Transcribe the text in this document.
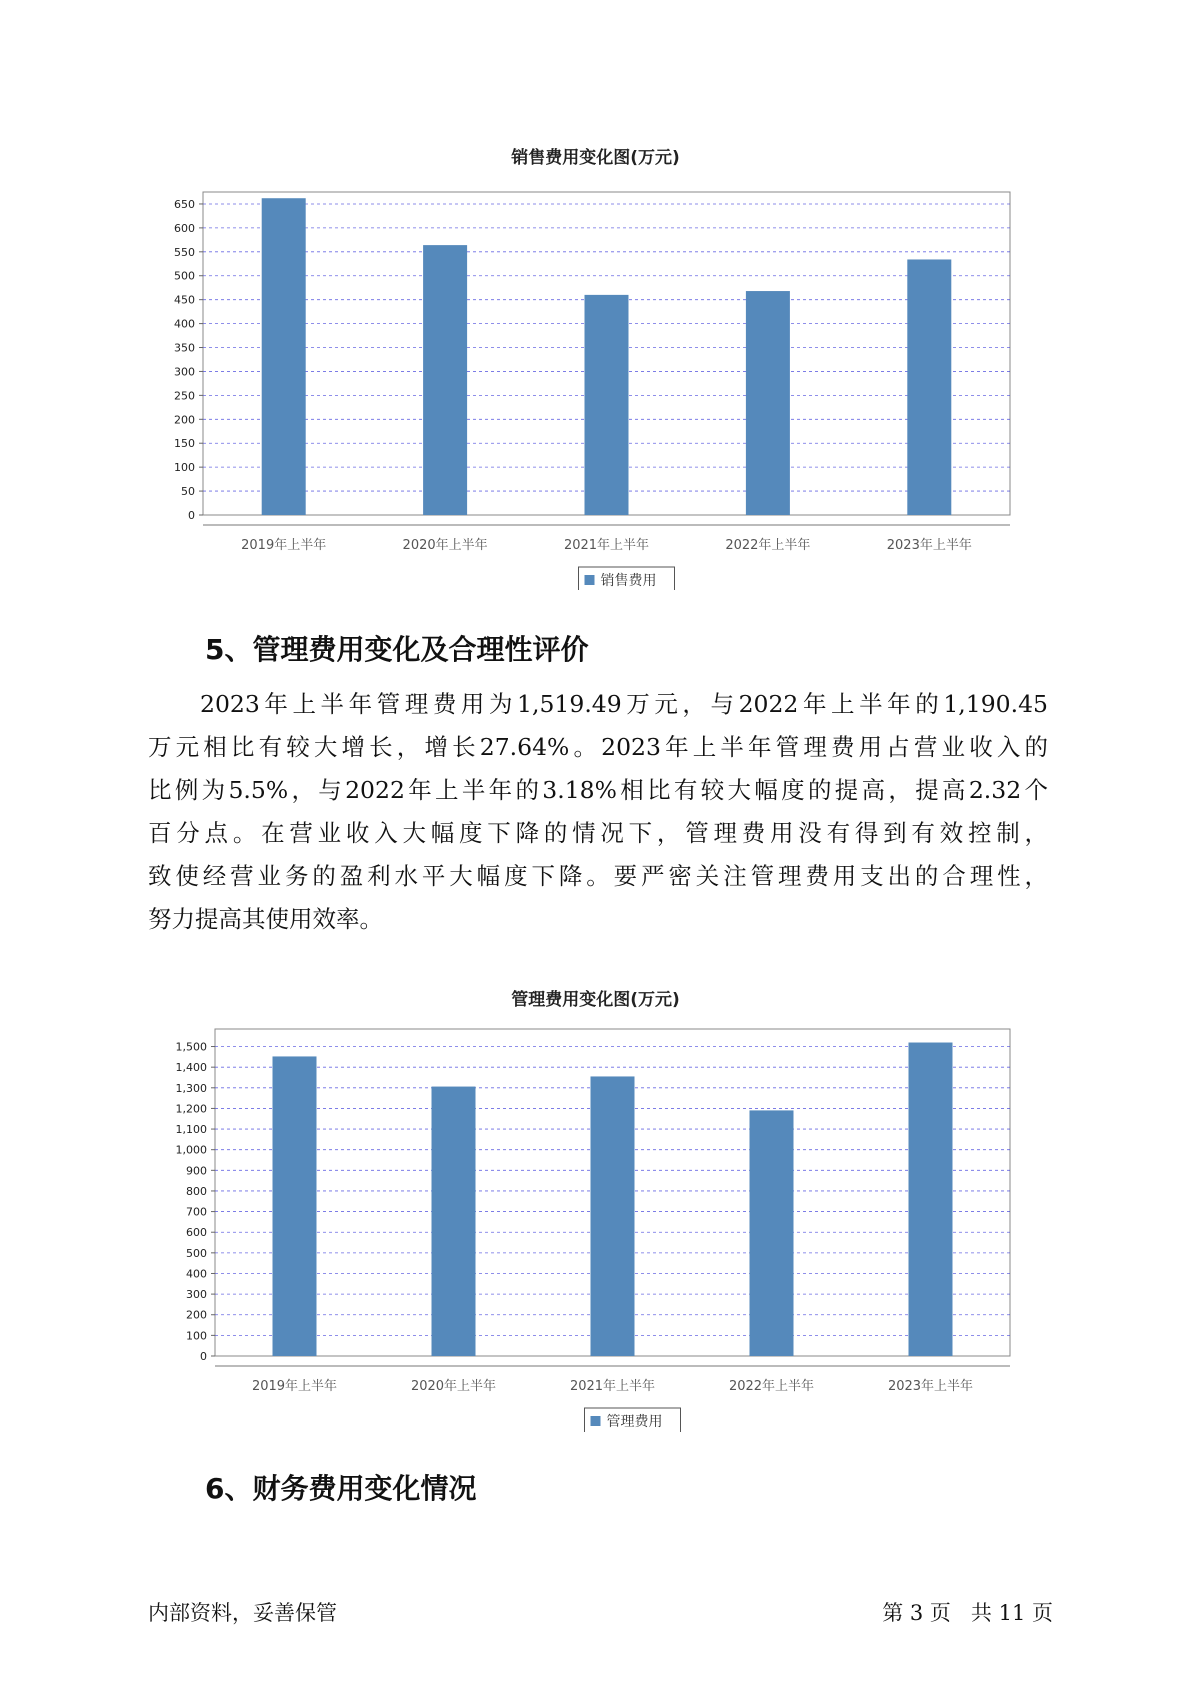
销售费用变化图(万元)
0
50
100
150
200
250
300
350
400
450
500
550
600
650
2019年上半年	2020年上半年	2021年上半年	2022年上半年	2023年上半年
销售费用
5、管理费用变化及合理性评价
2023年上半年管理费用为1,519.49万元，与2022年上半年的1,190.45
万元相比有较大增长，增长27.64%。2023年上半年管理费用占营业收入的
比例为5.5%，与2022年上半年的3.18%相比有较大幅度的提高，提高2.32个
百分点。在营业收入大幅度下降的情况下，管理费用没有得到有效控制，
致使经营业务的盈利水平大幅度下降。要严密关注管理费用支出的合理性，
努力提高其使用效率。
管理费用变化图(万元)
0
100
200
300
400
500
600
700
800
900
1,000
1,100
1,200
1,300
1,400
1,500
2019年上半年	2020年上半年	2021年上半年	2022年上半年	2023年上半年
管理费用
6、财务费用变化情况
内部资料，妥善保管	第 3 页   共 11 页
